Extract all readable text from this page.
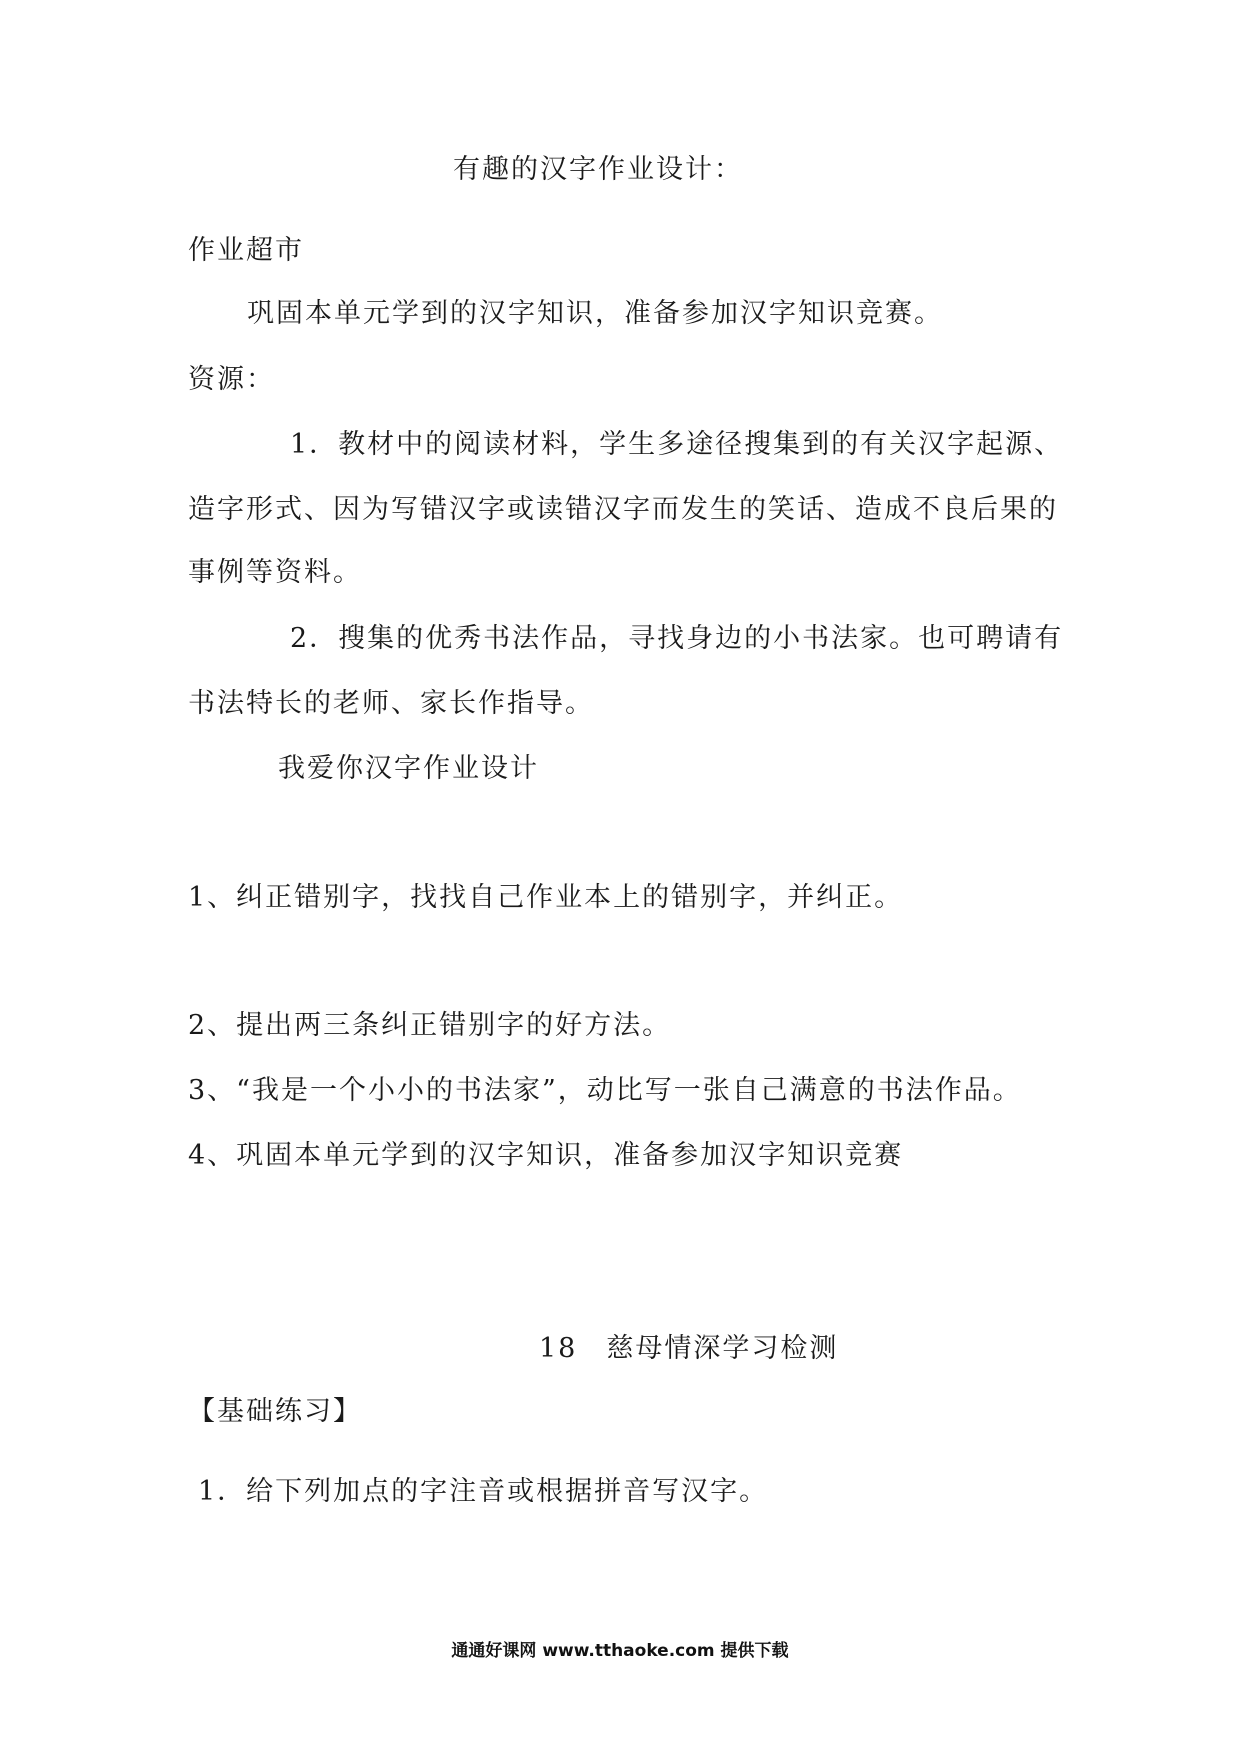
有趣的汉字作业设计：
作业超市
巩固本单元学到的汉字知识，准备参加汉字知识竞赛。
资源：
1．教材中的阅读材料，学生多途径搜集到的有关汉字起源、
造字形式、因为写错汉字或读错汉字而发生的笑话、造成不良后果的
事例等资料。
2．搜集的优秀书法作品，寻找身边的小书法家。也可聘请有
书法特长的老师、家长作指导。
我爱你汉字作业设计
1、纠正错别字，找找自己作业本上的错别字，并纠正。
2、提出两三条纠正错别字的好方法。
3、“我是一个小小的书法家”，动比写一张自己满意的书法作品。
4、巩固本单元学到的汉字知识，准备参加汉字知识竞赛
18　慈母情深学习检测
【基础练习】
1．给下列加点的字注音或根据拼音写汉字。
通通好课网 www.tthaoke.com 提供下载
